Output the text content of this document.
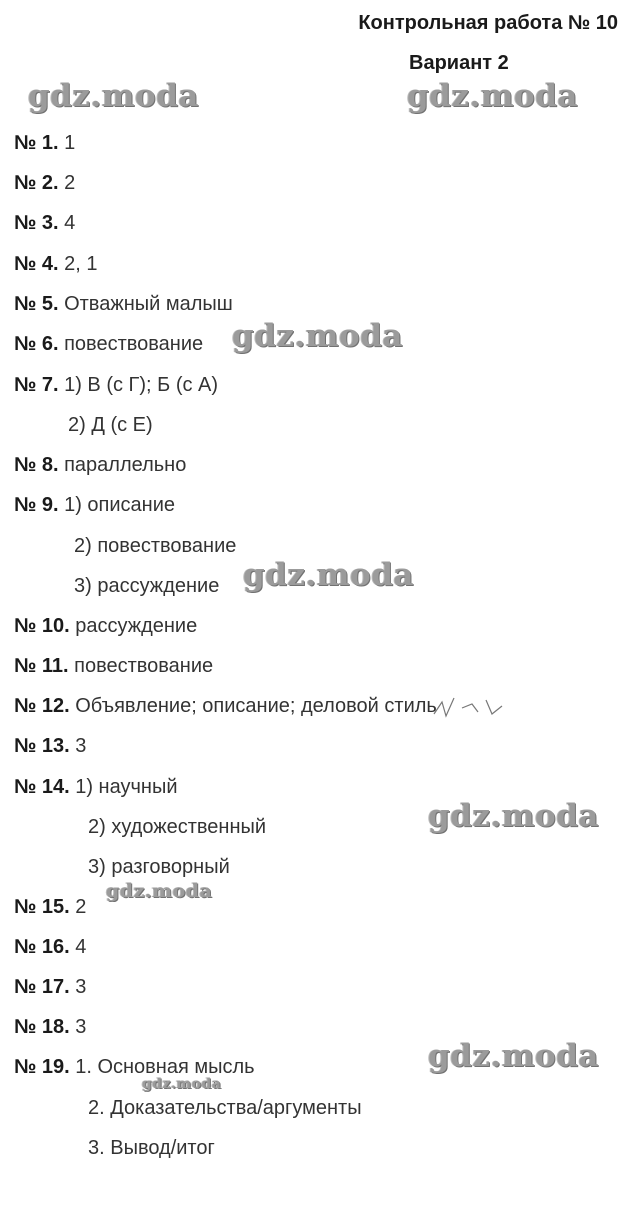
Контрольная работа № 10
Вариант 2
№ 1. 1
№ 2. 2
№ 3. 4
№ 4. 2, 1
№ 5. Отважный малыш
№ 6. повествование
№ 7. 1) В (с Г); Б (с А)
2) Д (с Е)
№ 8. параллельно
№ 9. 1) описание
2) повествование
3) рассуждение
№ 10. рассуждение
№ 11. повествование
№ 12. Объявление; описание; деловой стиль
№ 13. 3
№ 14. 1) научный
2) художественный
3) разговорный
№ 15. 2
№ 16. 4
№ 17. 3
№ 18. 3
№ 19. 1. Основная мысль
2. Доказательства/аргументы
3. Вывод/итог
gdz.moda	gdz.moda
gdz.moda
gdz.moda
gdz.moda
gdz.moda
gdz.moda
gdz.moda
